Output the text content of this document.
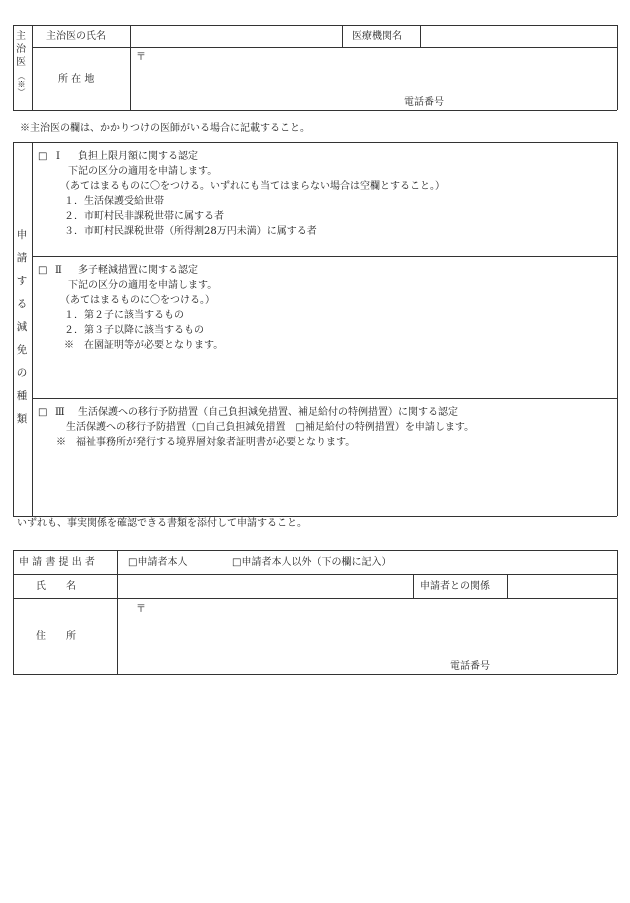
主
治
医
（※）
主治医の氏名	医療機関名
所 在 地
〒
電話番号
※主治医の欄は、かかりつけの医師がいる場合に記載すること。
申
請
す
る
減
免
の
種
類
□ Ⅰ 負担上限月額に関する認定
下記の区分の適用を申請します。
（あてはまるものに〇をつける。いずれにも当てはまらない場合は空欄とすること。）
１．生活保護受給世帯
２．市町村民非課税世帯に属する者
３．市町村民課税世帯（所得割28万円未満）に属する者
□ Ⅱ 多子軽減措置に関する認定
下記の区分の適用を申請します。
（あてはまるものに〇をつける。）
１．第２子に該当するもの
２．第３子以降に該当するもの
※　在園証明等が必要となります。
□ Ⅲ 生活保護への移行予防措置（自己負担減免措置、補足給付の特例措置）に関する認定
生活保護への移行予防措置（□自己負担減免措置　□補足給付の特例措置）を申請します。
※　福祉事務所が発行する境界層対象者証明書が必要となります。
いずれも、事実関係を確認できる書類を添付して申請すること。
申 請 書 提 出 者	□申請者本人	□申請者本人以外（下の欄に記入）
氏　　名	申請者との関係
住　　所
〒
電話番号
